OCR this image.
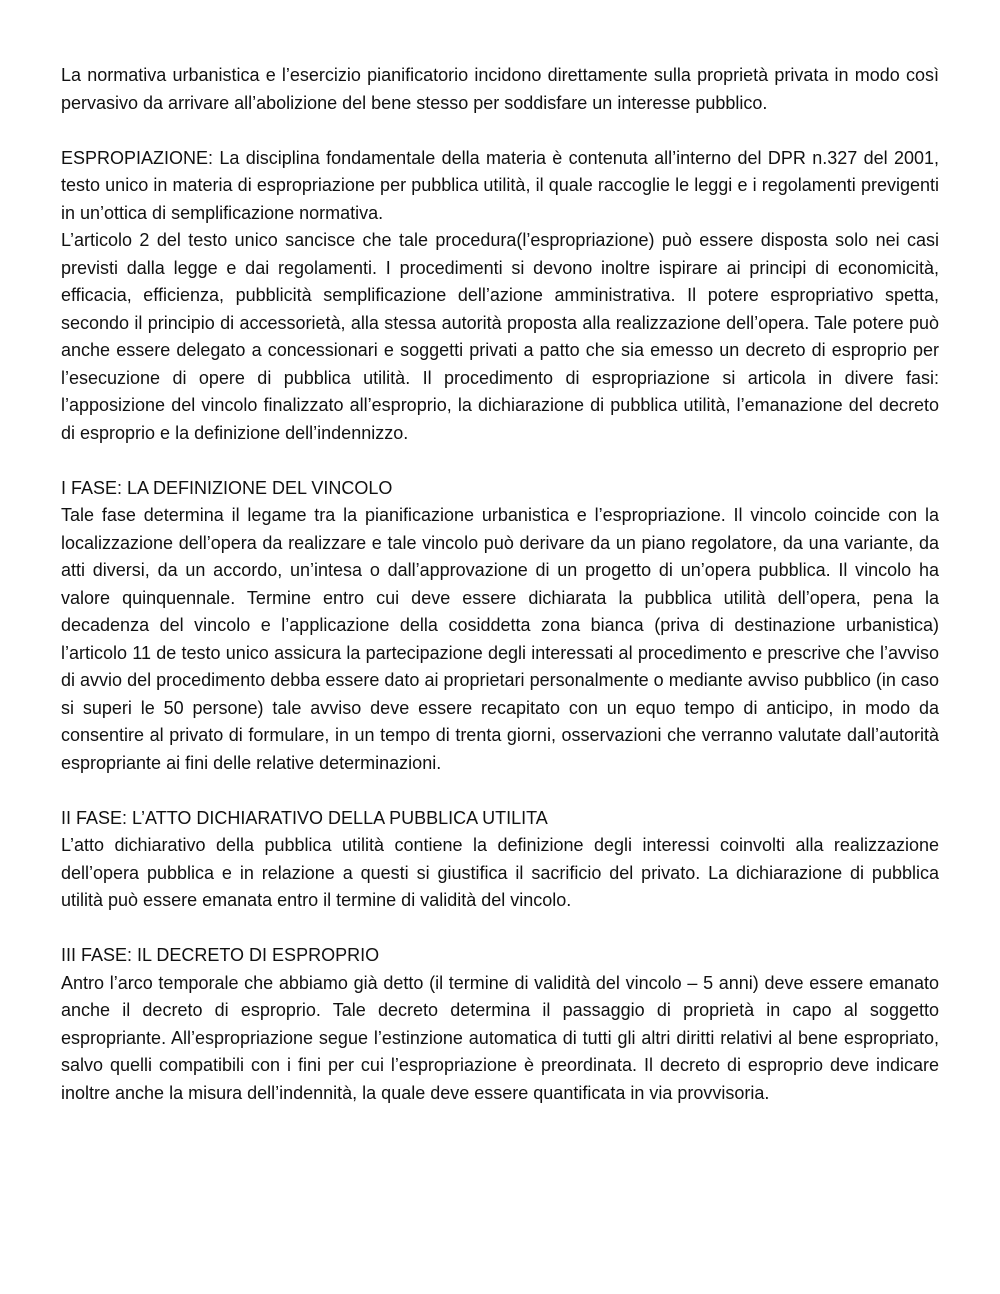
La normativa urbanistica e l’esercizio pianificatorio incidono direttamente sulla proprietà privata in modo così pervasivo da arrivare all’abolizione del bene stesso per soddisfare un interesse pubblico.

ESPROPIAZIONE: La disciplina fondamentale della materia è contenuta all’interno del DPR n.327 del 2001, testo unico in materia di espropriazione per pubblica utilità, il quale raccoglie le leggi e i regolamenti previgenti in un’ottica di semplificazione normativa.

L’articolo 2 del testo unico sancisce che tale procedura(l’espropriazione) può essere disposta solo nei casi previsti dalla legge e dai regolamenti. I procedimenti si devono inoltre ispirare ai principi di economicità, efficacia, efficienza, pubblicità semplificazione dell’azione amministrativa. Il potere espropriativo spetta, secondo il principio di accessorietà, alla stessa autorità proposta alla realizzazione dell’opera. Tale potere può anche essere delegato a concessionari e soggetti privati a patto che sia emesso un decreto di esproprio per l’esecuzione di opere di pubblica utilità. Il procedimento di espropriazione si articola in divere fasi: l’apposizione del vincolo finalizzato all’esproprio, la dichiarazione di pubblica utilità, l’emanazione del decreto di esproprio e la definizione dell’indennizzo.

I FASE: LA DEFINIZIONE DEL VINCOLO

Tale fase determina il legame tra la pianificazione urbanistica e l’espropriazione. Il vincolo coincide con la localizzazione dell’opera da realizzare e tale vincolo può derivare da un piano regolatore, da una variante, da atti diversi, da un accordo, un’intesa o dall’approvazione di un progetto di un’opera pubblica. Il vincolo ha valore quinquennale. Termine entro cui deve essere dichiarata la pubblica utilità dell’opera, pena la decadenza del vincolo e l’applicazione della cosiddetta zona bianca (priva di destinazione urbanistica) l’articolo 11 de testo unico assicura la partecipazione degli interessati al procedimento e prescrive che l’avviso di avvio del procedimento debba essere dato ai proprietari personalmente o mediante avviso pubblico (in caso si superi le 50 persone) tale avviso deve essere recapitato con un equo tempo di anticipo, in modo da consentire al privato di formulare, in un tempo di trenta giorni, osservazioni che verranno valutate dall’autorità espropriante ai fini delle relative determinazioni.

II FASE: L’ATTO DICHIARATIVO DELLA PUBBLICA UTILITA

L’atto dichiarativo della pubblica utilità contiene la definizione degli interessi coinvolti alla realizzazione dell’opera pubblica e in relazione a questi si giustifica il sacrificio del privato. La dichiarazione di pubblica utilità può essere emanata entro il termine di validità del vincolo.

III FASE: IL DECRETO DI ESPROPRIO

Antro l’arco temporale che abbiamo già detto (il termine di validità del vincolo – 5 anni) deve essere emanato anche il decreto di esproprio. Tale decreto determina il passaggio di proprietà in capo al soggetto espropriante. All’espropriazione segue l’estinzione automatica di tutti gli altri diritti relativi al bene espropriato, salvo quelli compatibili con i fini per cui l’espropriazione è preordinata. Il decreto di esproprio deve indicare inoltre anche la misura dell’indennità, la quale deve essere quantificata in via provvisoria.
